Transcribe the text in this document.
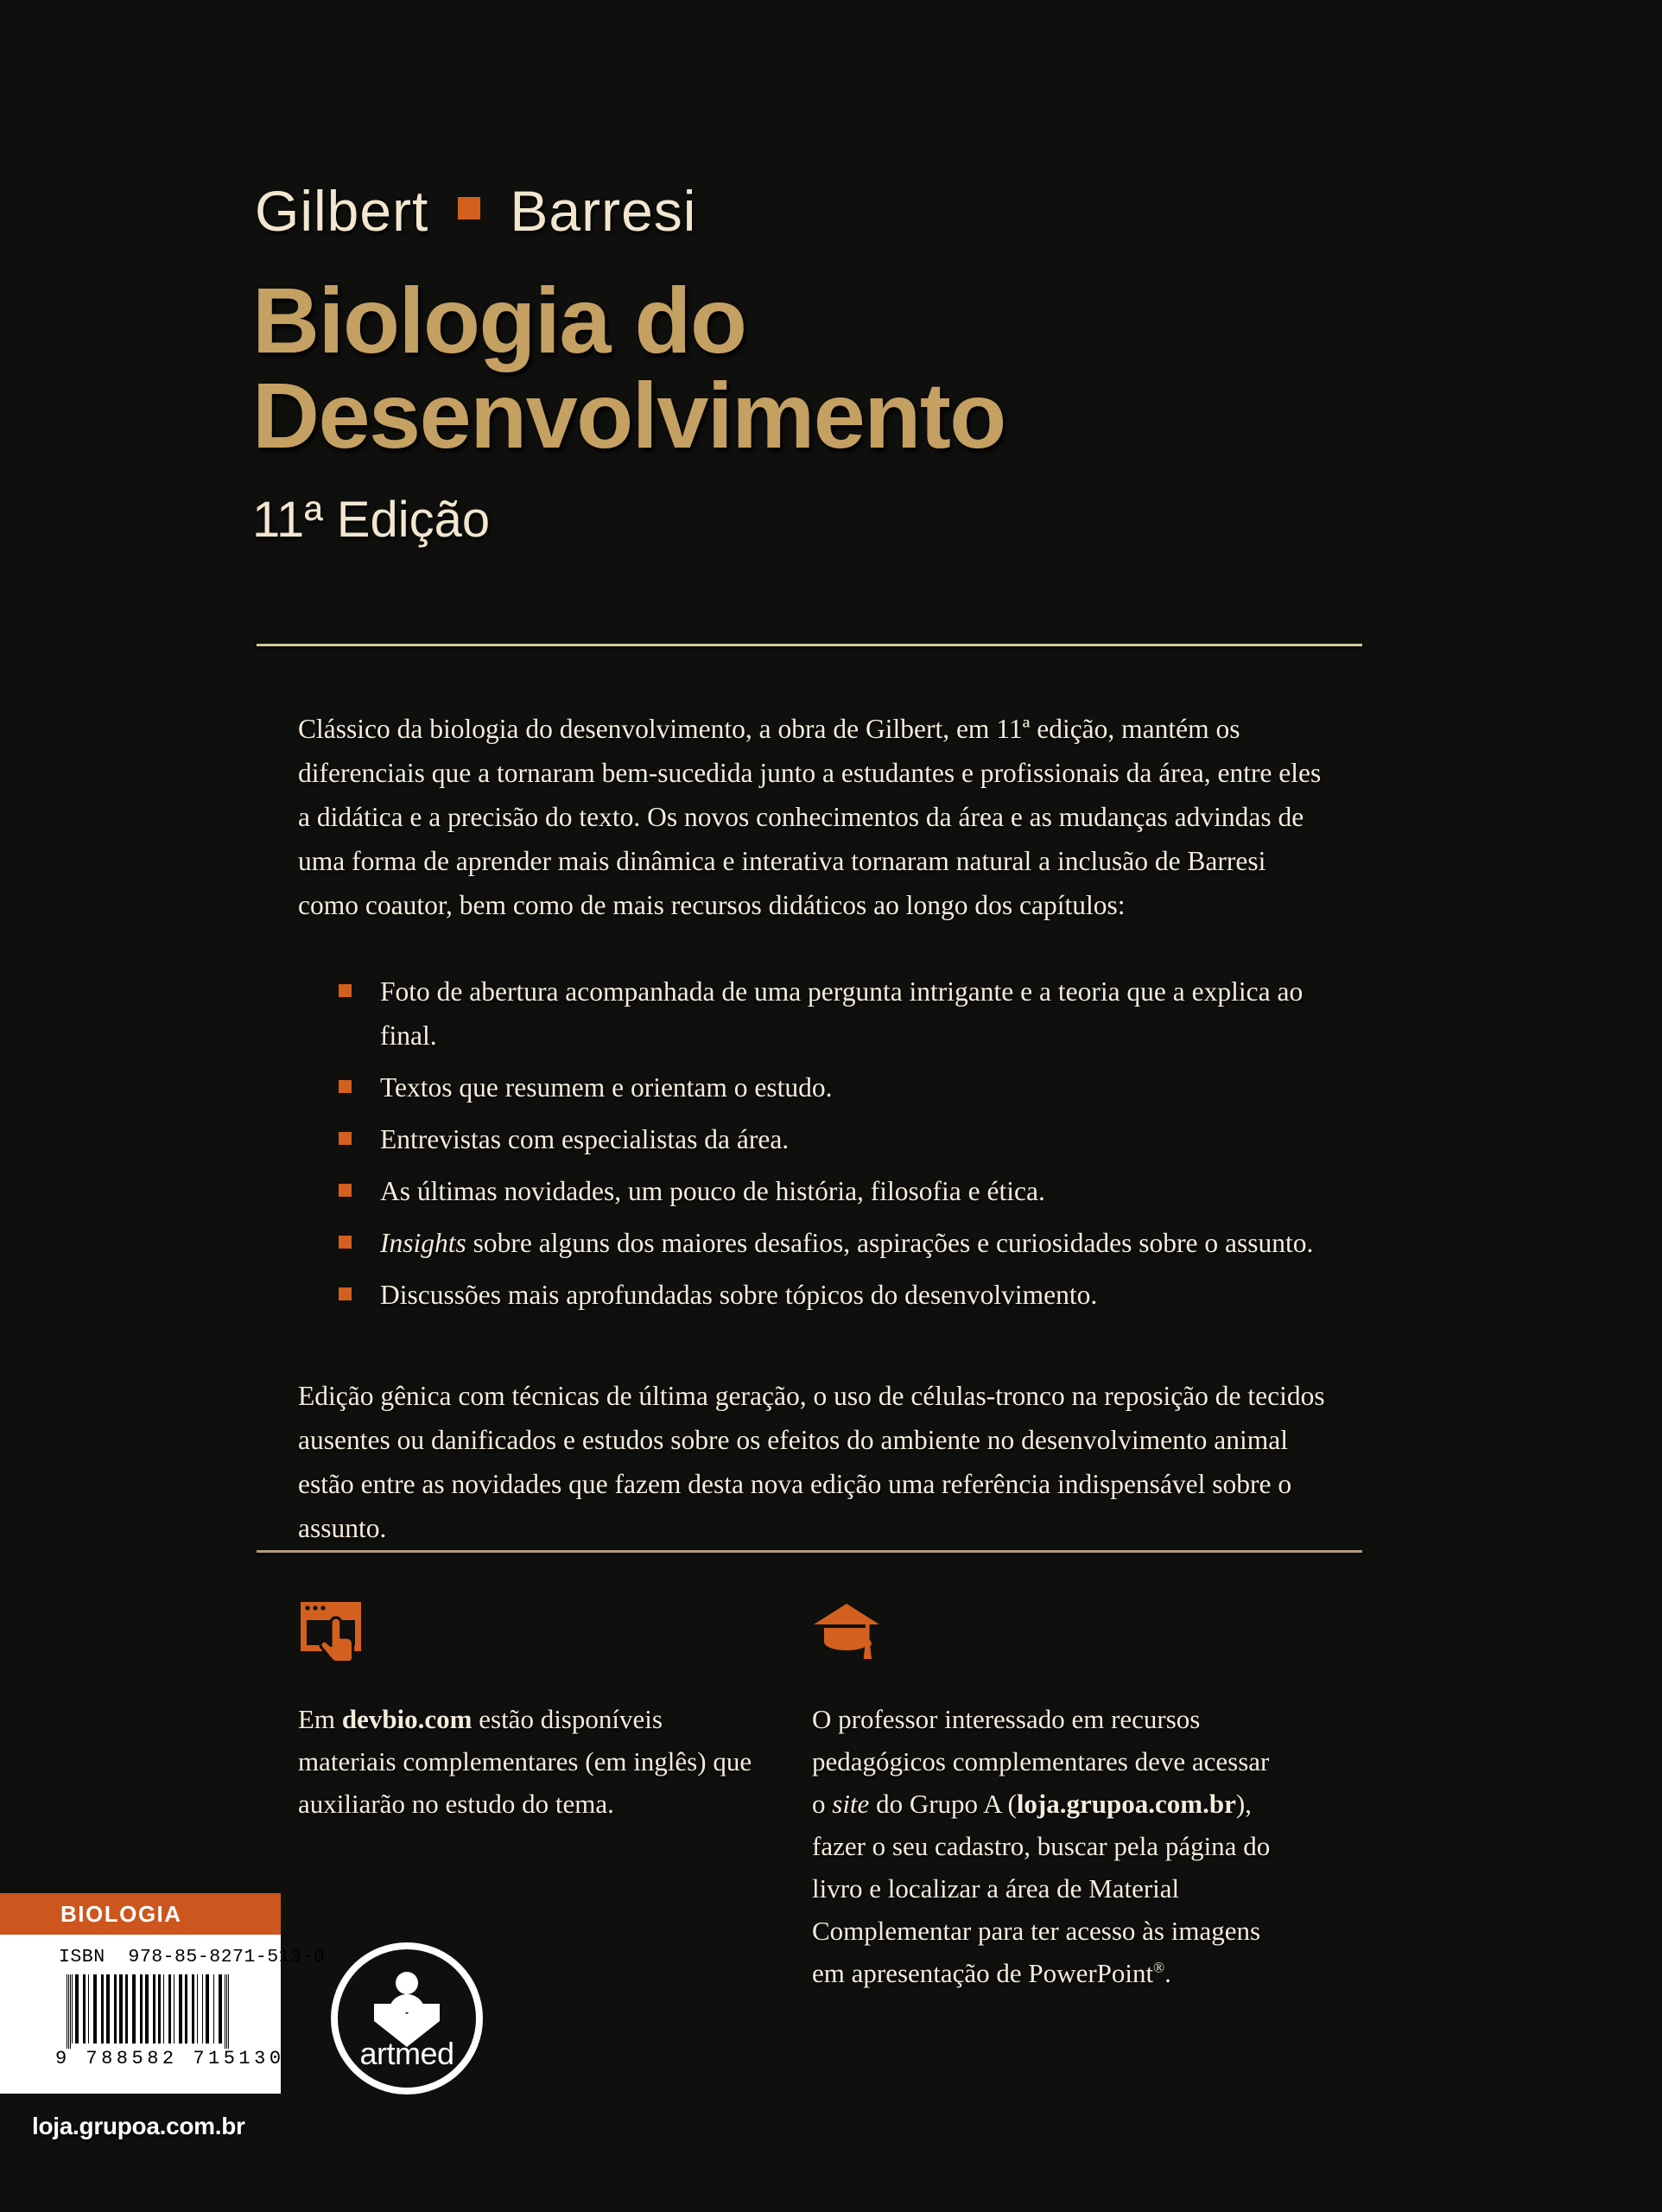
Gilbert Barresi
Biologia do
Desenvolvimento
11ª Edição

Clássico da biologia do desenvolvimento, a obra de Gilbert, em 11ª edição, mantém os diferenciais que a tornaram bem-sucedida junto a estudantes e profissionais da área, entre eles a didática e a precisão do texto. Os novos conhecimentos da área e as mudanças advindas de uma forma de aprender mais dinâmica e interativa tornaram natural a inclusão de Barresi como coautor, bem como de mais recursos didáticos ao longo dos capítulos:

Foto de abertura acompanhada de uma pergunta intrigante e a teoria que a explica ao final.
Textos que resumem e orientam o estudo.
Entrevistas com especialistas da área.
As últimas novidades, um pouco de história, filosofia e ética.
Insights sobre alguns dos maiores desafios, aspirações e curiosidades sobre o assunto.
Discussões mais aprofundadas sobre tópicos do desenvolvimento.

Edição gênica com técnicas de última geração, o uso de células-tronco na reposição de tecidos ausentes ou danificados e estudos sobre os efeitos do ambiente no desenvolvimento animal estão entre as novidades que fazem desta nova edição uma referência indispensável sobre o assunto.

Em devbio.com estão disponíveis materiais complementares (em inglês) que auxiliarão no estudo do tema.
O professor interessado em recursos pedagógicos complementares deve acessar o site do Grupo A (loja.grupoa.com.br), fazer o seu cadastro, buscar pela página do livro e localizar a área de Material Complementar para ter acesso às imagens em apresentação de PowerPoint®.
BIOLOGIA
ISBN 978-85-8271-513-0
9 788582 715130
loja.grupoa.com.br
artmed
